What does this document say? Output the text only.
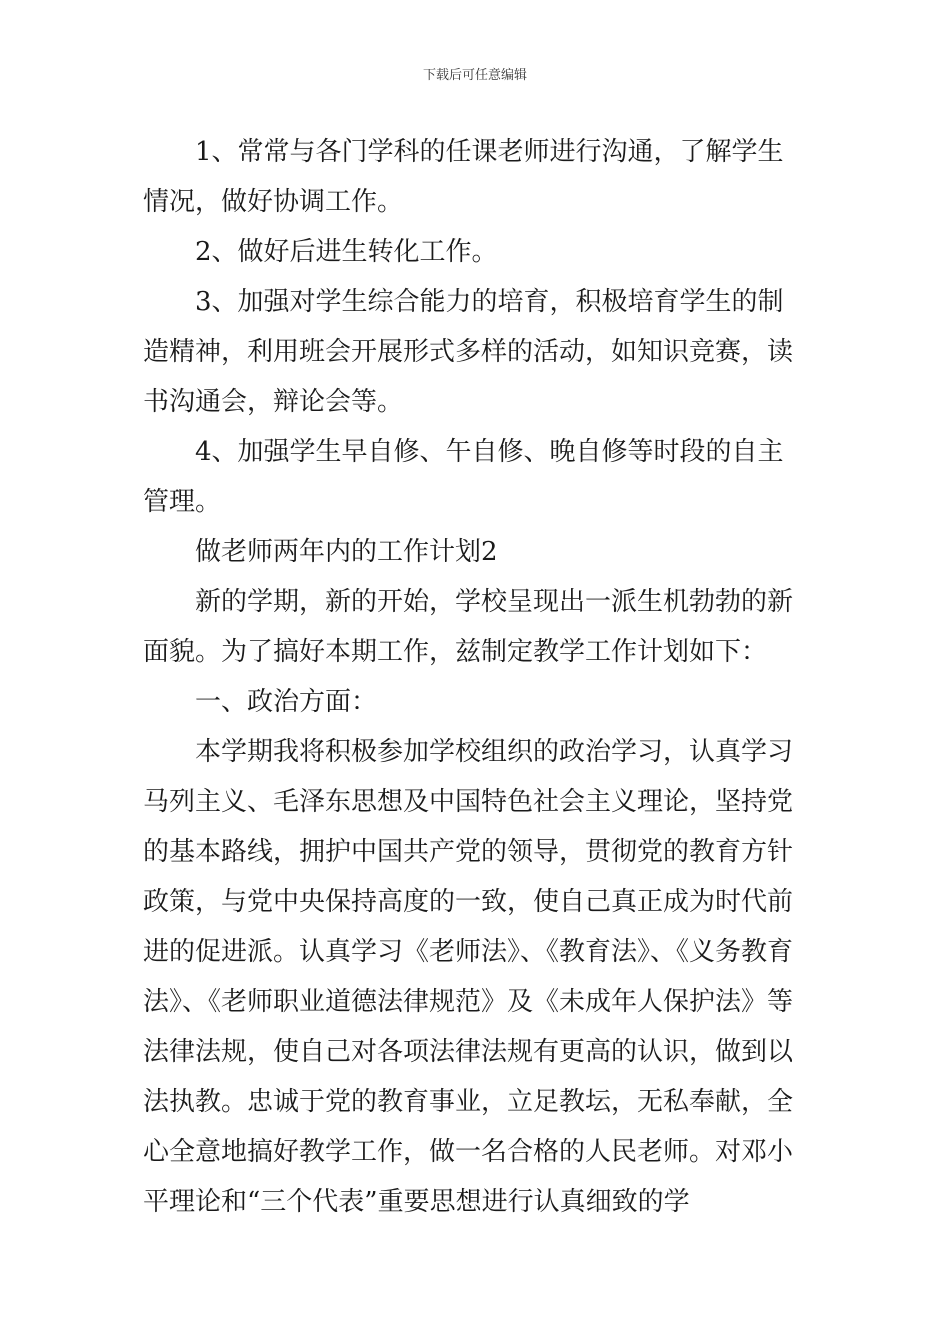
下载后可任意编辑

1、常常与各门学科的任课老师进行沟通，了解学生情况，做好协调工作。

2、做好后进生转化工作。

3、加强对学生综合能力的培育，积极培育学生的制造精神，利用班会开展形式多样的活动，如知识竞赛，读书沟通会，辩论会等。

4、加强学生早自修、午自修、晚自修等时段的自主管理。

做老师两年内的工作计划2

新的学期，新的开始，学校呈现出一派生机勃勃的新面貌。为了搞好本期工作，兹制定教学工作计划如下：

一、政治方面：

本学期我将积极参加学校组织的政治学习，认真学习马列主义、毛泽东思想及中国特色社会主义理论，坚持党的基本路线，拥护中国共产党的领导，贯彻党的教育方针政策，与党中央保持高度的一致，使自己真正成为时代前进的促进派。认真学习《老师法》、《教育法》、《义务教育法》、《老师职业道德法律规范》及《未成年人保护法》等法律法规，使自己对各项法律法规有更高的认识，做到以法执教。忠诚于党的教育事业，立足教坛，无私奉献，全心全意地搞好教学工作，做一名合格的人民老师。对邓小平理论和“三个代表”重要思想进行认真细致的学
